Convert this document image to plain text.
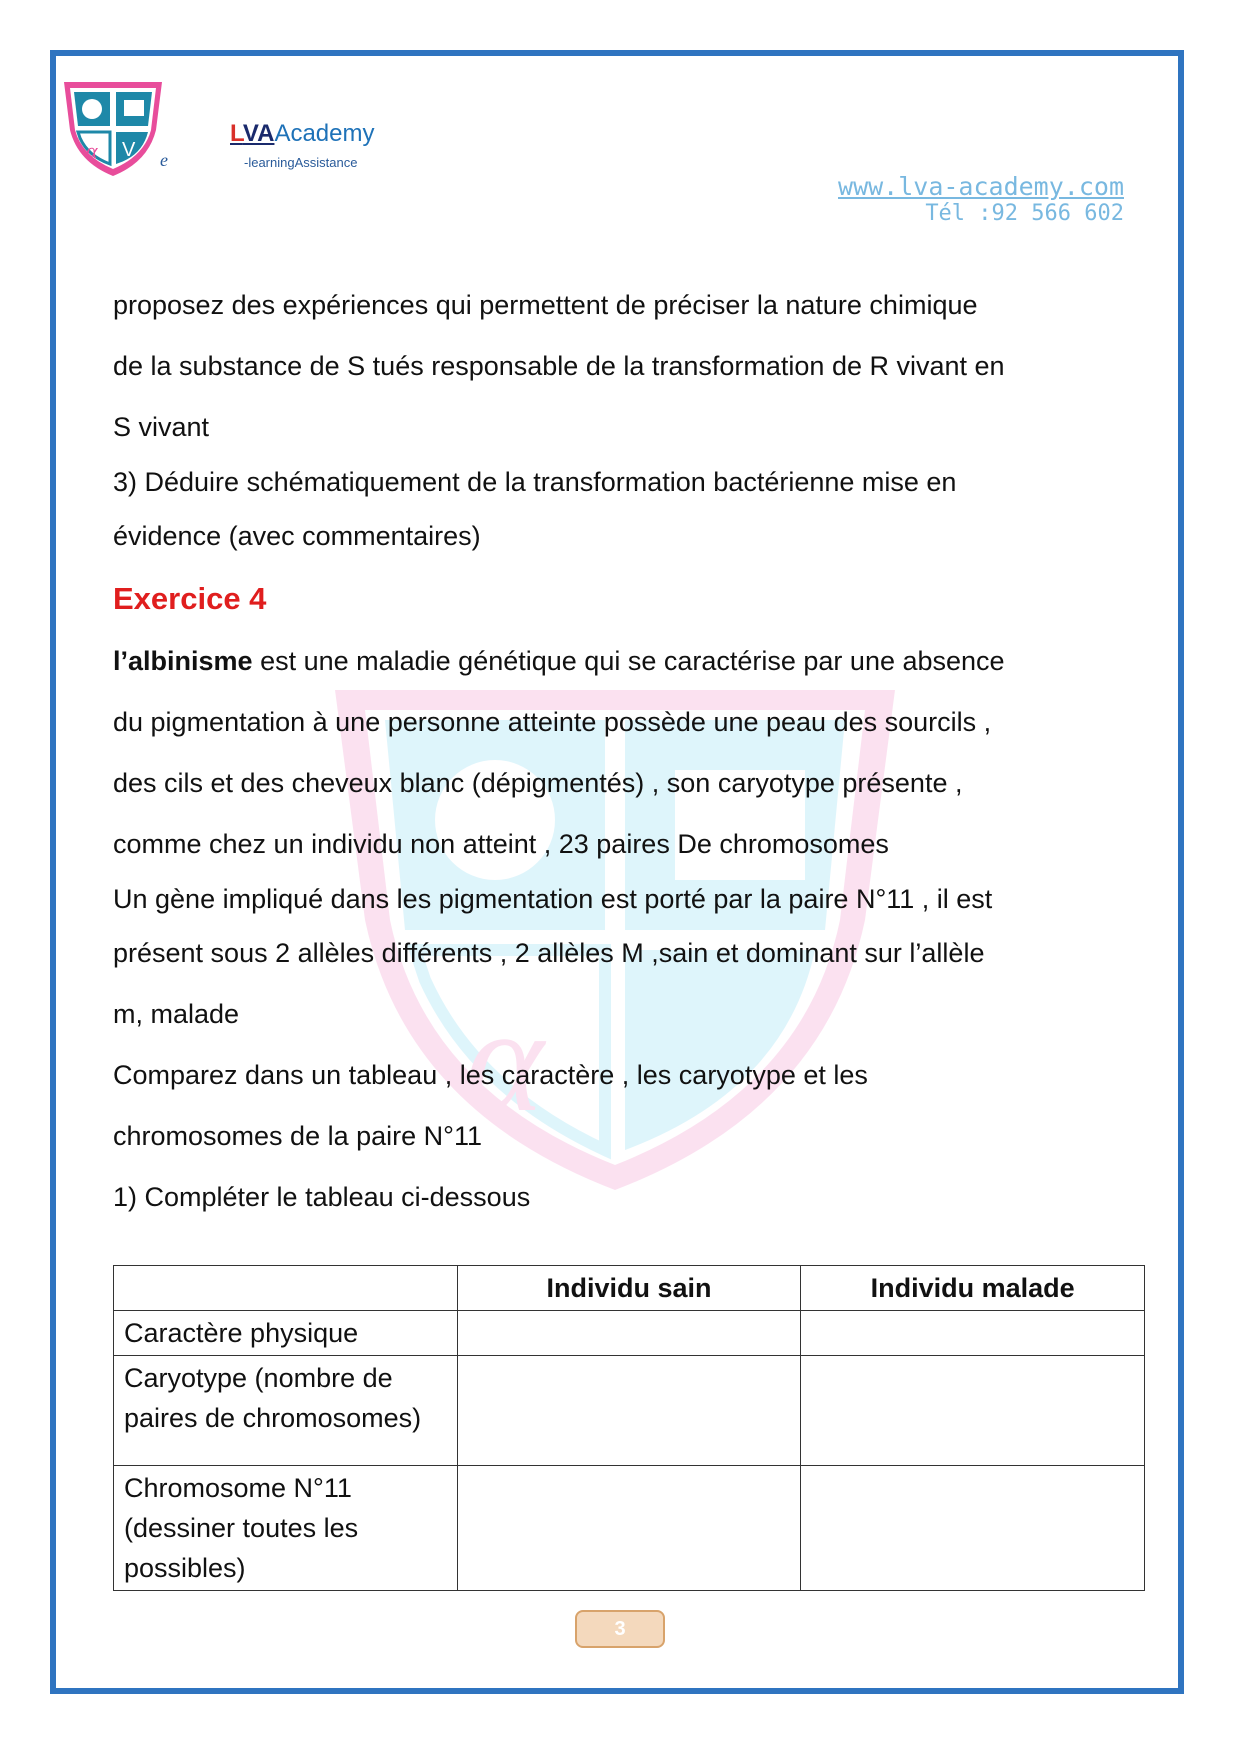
α V e
LVAAcademy
-learningAssistance
www.lva-academy.com
Tél :92 566 602
α

proposez des expériences qui permettent de préciser la nature chimique

de la substance de S tués responsable de la transformation de R vivant en

S vivant

3) Déduire schématiquement de la transformation bactérienne mise en

évidence (avec commentaires)

Exercice 4

l’albinisme est une maladie génétique qui se caractérise par une absence

du pigmentation à une personne atteinte possède une peau des sourcils ,

des cils et des cheveux blanc (dépigmentés) , son caryotype présente ,

comme chez un individu non atteint , 23 paires De chromosomes

Un gène impliqué dans les pigmentation est porté par la paire N°11 , il est

présent sous 2 allèles différents , 2 allèles M ,sain et dominant sur l’allèle

m, malade

Comparez dans un tableau , les caractère , les caryotype et les

chromosomes de la paire N°11

1) Compléter le tableau ci-dessous

	Individu sain	Individu malade
Caractère physique		
Caryotype (nombre de paires de chromosomes)		
Chromosome N°11 (dessiner toutes les possibles)		
3
